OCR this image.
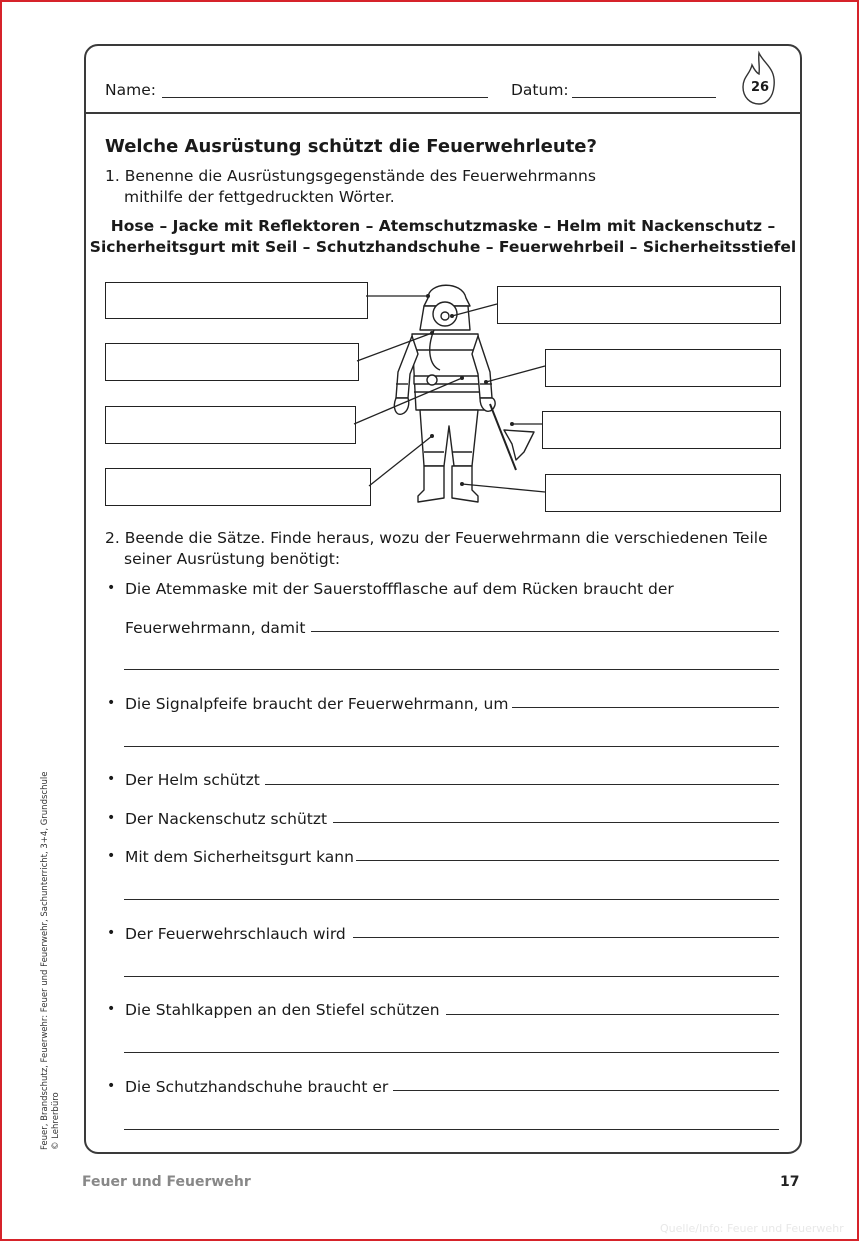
Name:	Datum:	26
Welche Ausrüstung schützt die Feuerwehrleute?
1. Benenne die Ausrüstungsgegenstände des Feuerwehrmanns
mithilfe der fettgedruckten Wörter.
Hose – Jacke mit Reflektoren – Atemschutzmaske – Helm mit Nackenschutz –
Sicherheitsgurt mit Seil – Schutzhandschuhe – Feuerwehrbeil – Sicherheitsstiefel
2. Beende die Sätze. Finde heraus, wozu der Feuerwehrmann die verschiedenen Teile
seiner Ausrüstung benötigt:
• Die Atemmaske mit der Sauerstoffflasche auf dem Rücken braucht der
Feuerwehrmann, damit
• Die Signalpfeife braucht der Feuerwehrmann, um
• Der Helm schützt
• Der Nackenschutz schützt
• Mit dem Sicherheitsgurt kann
• Der Feuerwehrschlauch wird
• Die Stahlkappen an den Stiefel schützen
• Die Schutzhandschuhe braucht er
Feuer, Brandschutz, Feuerwehr: Feuer und Feuerwehr, Sachunterricht, 3+4, Grundschule © Lehrerbüro
Feuer und Feuerwehr	17
Quelle/Info: Feuer und Feuerwehr
